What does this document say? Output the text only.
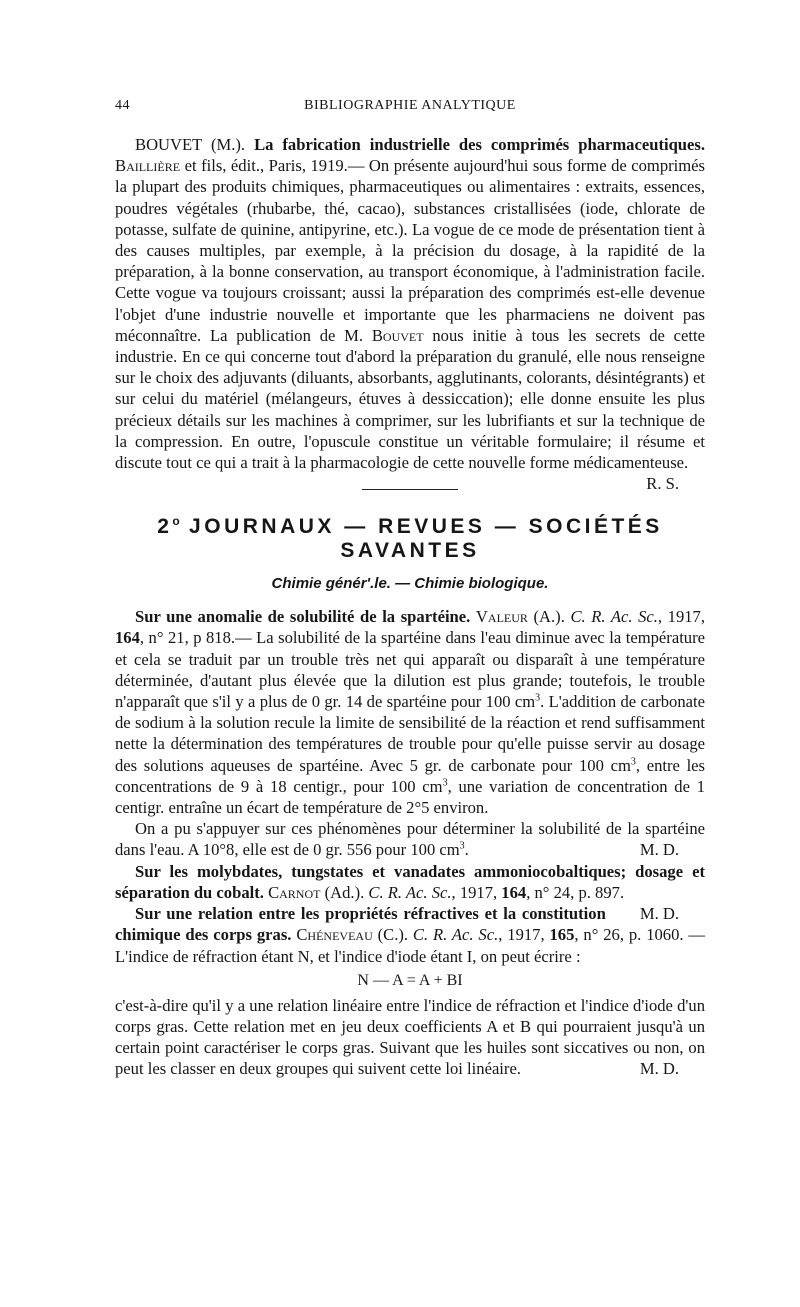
44	BIBLIOGRAPHIE ANALYTIQUE

BOUVET (M.). La fabrication industrielle des comprimés pharmaceutiques. Baillière et fils, édit., Paris, 1919.— On présente aujourd'hui sous forme de comprimés la plupart des produits chimiques, pharmaceutiques ou alimentaires : extraits, essences, poudres végétales (rhubarbe, thé, cacao), substances cristallisées (iode, chlorate de potasse, sulfate de quinine, antipyrine, etc.). La vogue de ce mode de présentation tient à des causes multiples, par exemple, à la précision du dosage, à la rapidité de la préparation, à la bonne conservation, au transport économique, à l'administration facile. Cette vogue va toujours croissant; aussi la préparation des comprimés est-elle devenue l'objet d'une industrie nouvelle et importante que les pharmaciens ne doivent pas méconnaître. La publication de M. Bouvet nous initie à tous les secrets de cette industrie. En ce qui concerne tout d'abord la préparation du granulé, elle nous renseigne sur le choix des adjuvants (diluants, absorbants, agglutinants, colorants, désintégrants) et sur celui du matériel (mélangeurs, étuves à dessiccation); elle donne ensuite les plus précieux détails sur les machines à comprimer, sur les lubrifiants et sur la technique de la compression. En outre, l'opuscule constitue un véritable formulaire; il résume et discute tout ce qui a trait à la pharmacologie de cette nouvelle forme médicamenteuse.
R. S.

2$^o$ JOURNAUX — REVUES — SOCIÉTÉS SAVANTES
Chimie génér'.le. — Chimie biologique.

Sur une anomalie de solubilité de la spartéine. Valeur (A.). C. R. Ac. Sc., 1917, 164, n° 21, p 818.— La solubilité de la spartéine dans l'eau diminue avec la température et cela se traduit par un trouble très net qui apparaît ou disparaît à une température déterminée, d'autant plus élevée que la dilution est plus grande; toutefois, le trouble n'apparaît que s'il y a plus de 0 gr. 14 de spartéine pour 100 $cm^3$. L'addition de carbonate de sodium à la solution recule la limite de sensibilité de la réaction et rend suffisamment nette la détermination des températures de trouble pour qu'elle puisse servir au dosage des solutions aqueuses de spartéine. Avec 5 gr. de carbonate pour 100 $cm^3$, entre les concentrations de 9 à 18 centigr., pour 100 $cm^3$, une variation de concentration de 1 centigr. entraîne un écart de température de 2°5 environ.

On a pu s'appuyer sur ces phénomènes pour déterminer la solubilité de la spartéine dans l'eau. A 10°8, elle est de 0 gr. 556 pour 100 $cm^3$.	M. D.

Sur les molybdates, tungstates et vanadates ammoniocobaltiques; dosage et séparation du cobalt. Carnot (Ad.). C. R. Ac. Sc., 1917, 164, n° 24, p. 897.
M. D.

Sur une relation entre les propriétés réfractives et la constitution chimique des corps gras. Chéneveau (C.). C. R. Ac. Sc., 1917, 165, n° 26, p. 1060. — L'indice de réfraction étant N, et l'indice d'iode étant I, on peut écrire :

N — A = A + BI

c'est-à-dire qu'il y a une relation linéaire entre l'indice de réfraction et l'indice d'iode d'un corps gras. Cette relation met en jeu deux coefficients A et B qui pourraient jusqu'à un certain point caractériser le corps gras. Suivant que les huiles sont siccatives ou non, on peut les classer en deux groupes qui suivent cette loi linéaire.	M. D.
